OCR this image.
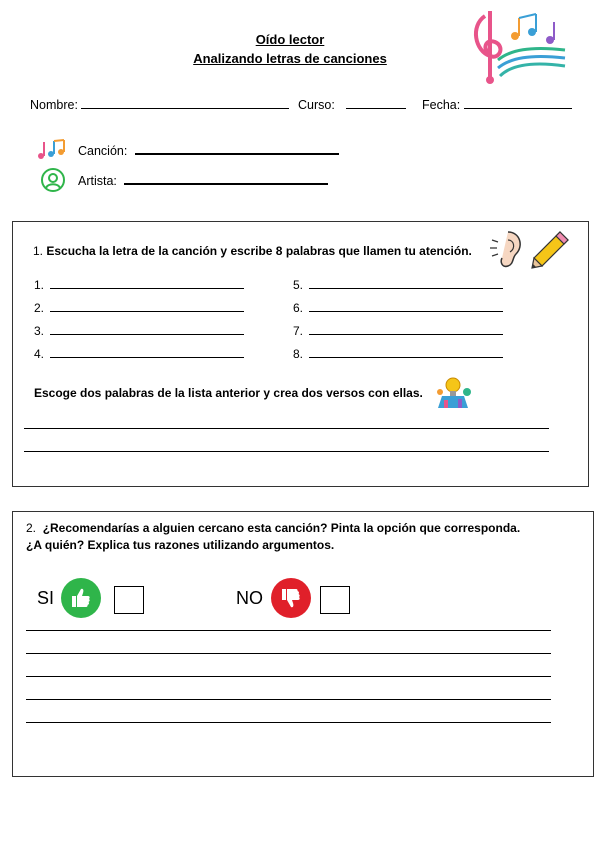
Oído lector
Analizando letras de canciones
Nombre:	Curso:	Fecha:
Canción:
Artista:
1. Escucha la letra de la canción y escribe 8 palabras que llamen tu atención.
1.
2.
3.
4.
5.
6.
7.
8.
Escoge dos palabras de la lista anterior y crea dos versos con ellas.
2. ¿Recomendarías a alguien cercano esta canción? Pinta la opción que corresponda.
¿A quién? Explica tus razones utilizando argumentos.
SI	NO
